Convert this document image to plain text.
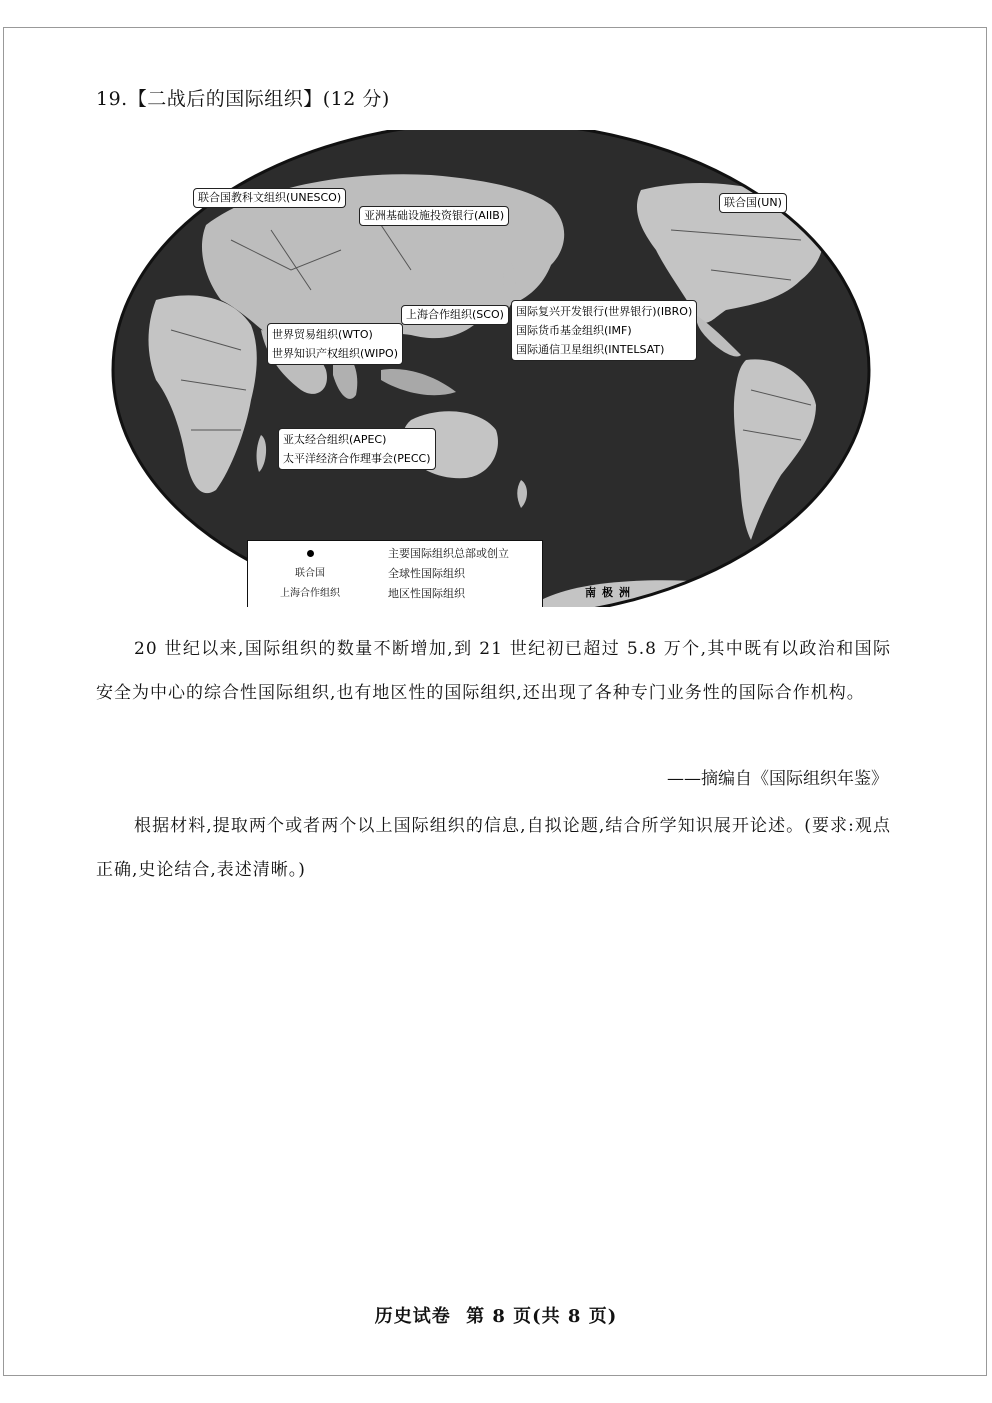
19.【二战后的国际组织】(12 分)
联合国教科文组织(UNESCO)
亚洲基础设施投资银行(AIIB)
联合国(UN)
上海合作组织(SCO)	国际复兴开发银行(世界银行)(IBRO)
国际货币基金组织(IMF)
国际通信卫星组织(INTELSAT)
世界贸易组织(WTO)
世界知识产权组织(WIPO)
亚太经合组织(APEC)
太平洋经济合作理事会(PECC)
南极洲
主要国际组织总部或创立
联合国	全球性国际组织
上海合作组织	地区性国际组织
20 世纪以来,国际组织的数量不断增加,到 21 世纪初已超过 5.8 万个,其中既有以政治和国际安全为中心的综合性国际组织,也有地区性的国际组织,还出现了各种专门业务性的国际合作机构。
——摘编自《国际组织年鉴》
根据材料,提取两个或者两个以上国际组织的信息,自拟论题,结合所学知识展开论述。(要求:观点正确,史论结合,表述清晰。)
历史试卷 第 8 页(共 8 页)
